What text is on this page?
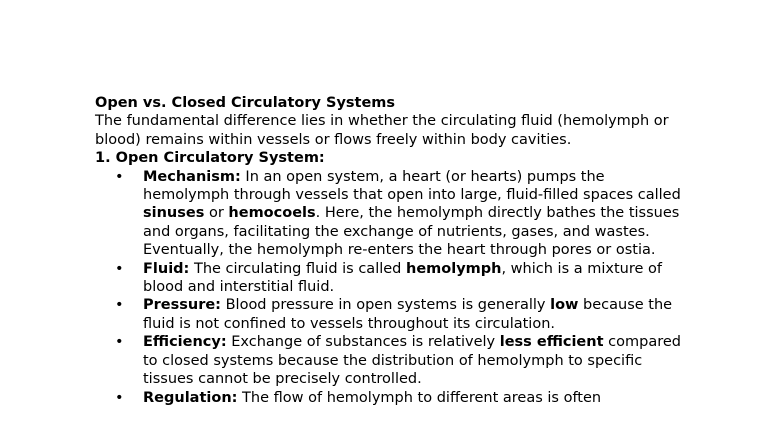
Open vs. Closed Circulatory Systems

The fundamental difference lies in whether the circulating fluid (hemolymph or blood) remains within vessels or flows freely within body cavities.

1. Open Circulatory System:

• Mechanism: In an open system, a heart (or hearts) pumps the hemolymph through vessels that open into large, fluid-filled spaces called sinuses or hemocoels. Here, the hemolymph directly bathes the tissues and organs, facilitating the exchange of nutrients, gases, and wastes. Eventually, the hemolymph re-enters the heart through pores or ostia.
• Fluid: The circulating fluid is called hemolymph, which is a mixture of blood and interstitial fluid.
• Pressure: Blood pressure in open systems is generally low because the fluid is not confined to vessels throughout its circulation.
• Efficiency: Exchange of substances is relatively less efficient compared to closed systems because the distribution of hemolymph to specific tissues cannot be precisely controlled.
• Regulation: The flow of hemolymph to different areas is often
